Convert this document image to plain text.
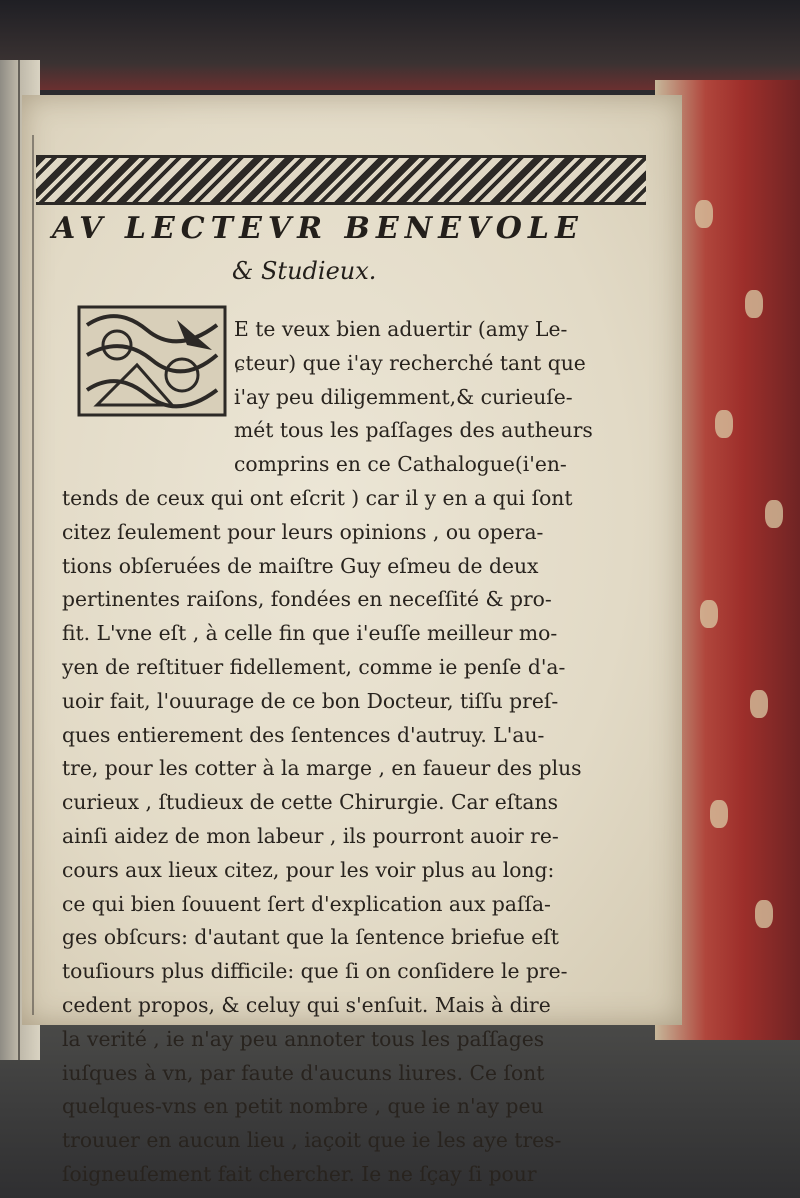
AV LECTEVR BENEVOLE
& Studieux.
E te veux bien aduertir (amy Le-
ɕteur) que i'ay recherché tant que
i'ay peu diligemment,& curieuſe-
mét tous les paſſages des autheurs
comprins en ce Cathalogue(i'en-
tends de ceux qui ont eſcrit ) car il y en a qui ſont
citez ſeulement pour leurs opinions , ou opera-
tions obſeruées de maiſtre Guy eſmeu de deux
pertinentes raiſons, fondées en neceſſité & pro-
fit. L'vne eſt , à celle fin que i'euſſe meilleur mo-
yen de reſtituer fidellement, comme ie penſe d'a-
uoir fait, l'ouurage de ce bon Docteur, tiſſu preſ-
ques entierement des ſentences d'autruy. L'au-
tre, pour les cotter à la marge , en faueur des plus
curieux , ſtudieux de cette Chirurgie. Car eſtans
ainſi aidez de mon labeur , ils pourront auoir re-
cours aux lieux citez, pour les voir plus au long:
ce qui bien ſouuent ſert d'explication aux paſſa-
ges obſcurs: d'autant que la ſentence briefue eſt
touſiours plus difficile: que ſi on conſidere le pre-
cedent propos, & celuy qui s'enſuit. Mais à dire
la verité , ie n'ay peu annoter tous les paſſages
iuſques à vn, par faute d'aucuns liures. Ce ſont
quelques-vns en petit nombre , que ie n'ay peu
trouuer en aucun lieu , iaçoit que ie les aye tres-
ſoigneuſement fait chercher. Ie ne ſçay ſi pour
